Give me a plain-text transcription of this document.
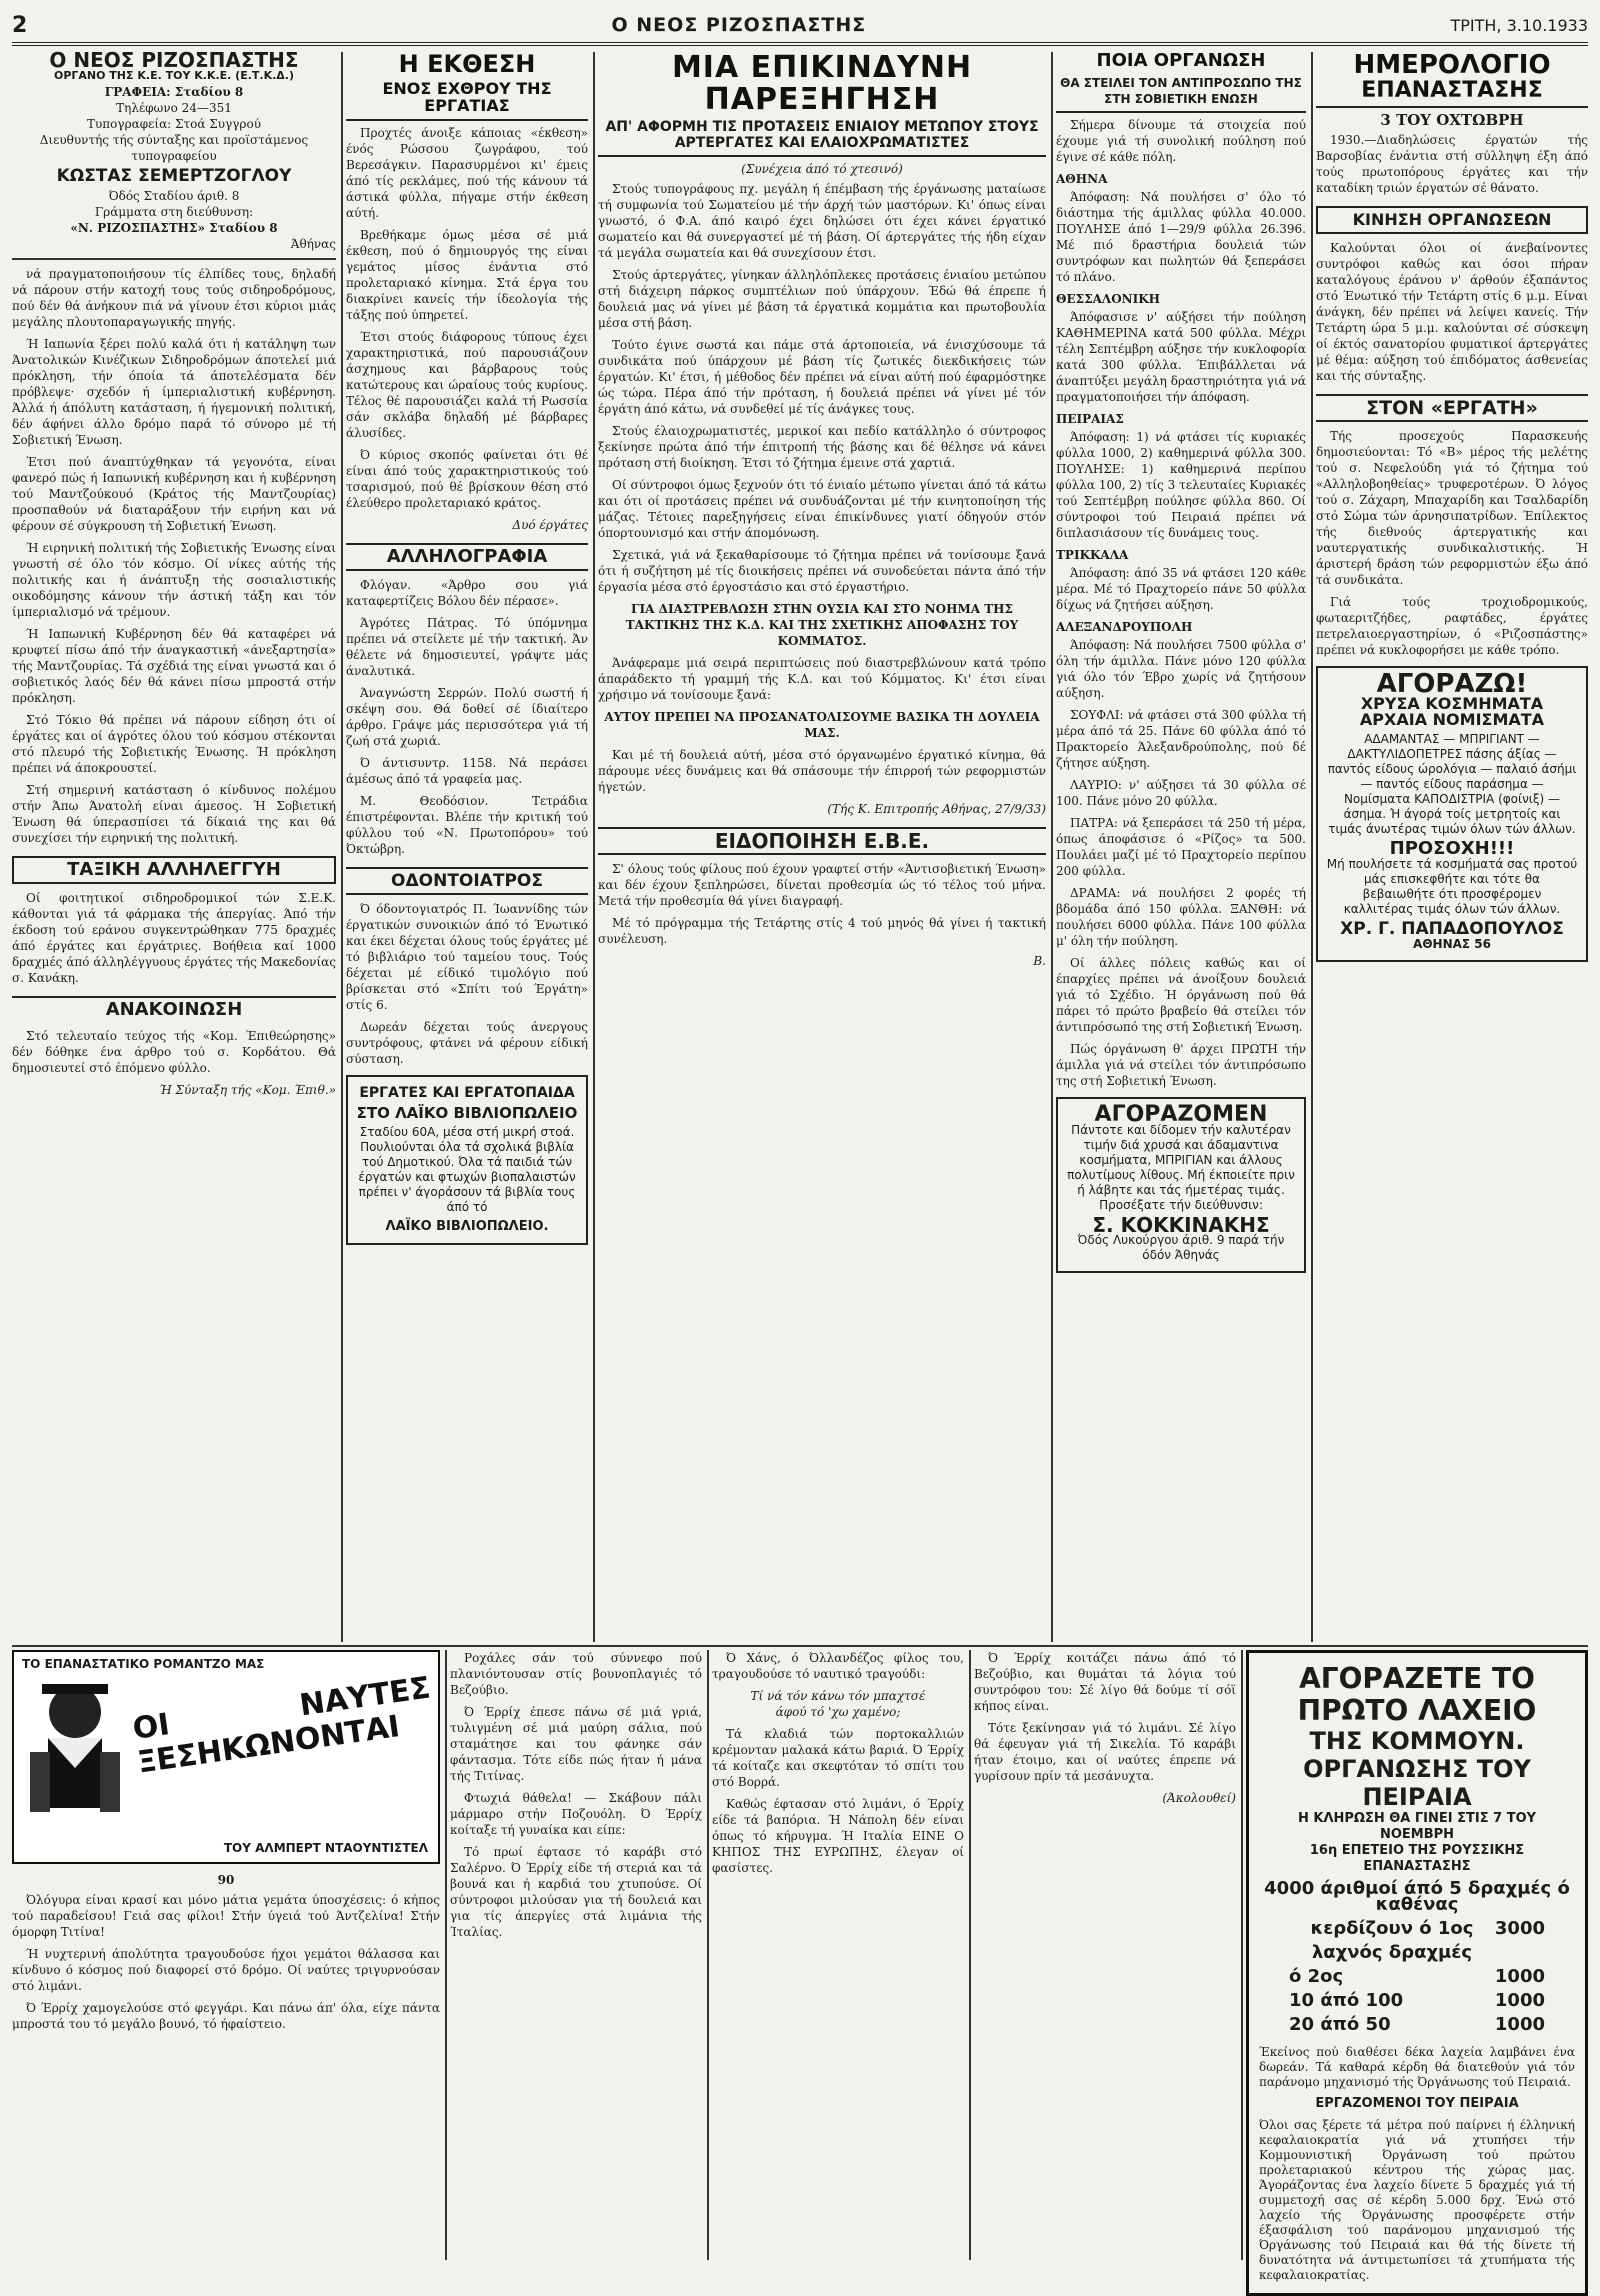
2	Ο ΝΕΟΣ ΡΙΖΟΣΠΑΣΤΗΣ	ΤΡΙΤΗ, 3.10.1933
Ο ΝΕΟΣ ΡΙΖΟΣΠΑΣΤΗΣ
ΟΡΓΑΝΟ ΤΗΣ Κ.Ε. ΤΟΥ Κ.Κ.Ε. (Ε.Τ.Κ.Δ.)
ΓΡΑΦΕΙΑ: Σταδίου 8
Τηλέφωνο 24—351
Τυπογραφεία: Στοά Συγγρού
Διευθυντής τής σύνταξης και προϊστάμενος τυπογραφείου
ΚΩΣΤΑΣ ΣΕΜΕΡΤΖΟΓΛΟΥ
Όδός Σταδίου άριθ. 8
Γράμματα στη διεύθυνση:
«Ν. ΡΙΖΟΣΠΑΣΤΗΣ» Σταδίου 8
Άθήνας

νά πραγματοποιήσουν τίς έλπίδες τους, δηλαδή νά πάρουν στήν κατοχή τους τούς σιδηροδρόμους, πού δέν θά άνήκουν πιά νά γίνουν έτσι κύριοι μιάς μεγάλης πλουτοπαραγωγικής πηγής.

Ή Ιαπωνία ξέρει πολύ καλά ότι ή κατάληψη των Άνατολικών Κινέζικων Σιδηροδρόμων άποτελεί μιά πρόκληση, τήν όποία τά άποτελέσματα δέν πρόβλεψε· σχεδόν ή ίμπεριαλιστική κυβέρνηση. Άλλά ή άπόλυτη κατάσταση, ή ήγεμονική πολιτική, δέν άφήνει άλλο δρόμο παρά τό σύνορο μέ τή Σοβιετική Ένωση.

Έτσι πού άναπτύχθηκαν τά γεγονότα, είναι φανερό πώς ή Ιαπωνική κυβέρνηση και ή κυβέρνηση τού Μαντζούκουό (Κράτος τής Μαντζουρίας) προσπαθούν νά διαταράξουν τήν ειρήνη και νά φέρουν σέ σύγκρουση τή Σοβιετική Ένωση.

Ή ειρηνική πολιτική τής Σοβιετικής Ένωσης είναι γνωστή σέ όλο τόν κόσμο. Οί νίκες αύτής τής πολιτικής και ή άνάπτυξη τής σοσιαλιστικής οικοδόμησης κάνουν τήν άστική τάξη και τόν ίμπεριαλισμό νά τρέμουν.

Ή Ιαπωνική Κυβέρνηση δέν θά καταφέρει νά κρυφτεί πίσω άπό τήν άναγκαστική «άνεξαρτησία» τής Μαντζουρίας. Τά σχέδιά της είναι γνωστά και ό σοβιετικός λαός δέν θά κάνει πίσω μπροστά στήν πρόκληση.

Στό Τόκιο θά πρέπει νά πάρουν είδηση ότι οί έργάτες και οί άγρότες όλου τού κόσμου στέκονται στό πλευρό τής Σοβιετικής Ένωσης. Ή πρόκληση πρέπει νά άποκρουστεί.

Στή σημερινή κατάσταση ό κίνδυνος πολέμου στήν Άπω Άνατολή είναι άμεσος. Ή Σοβιετική Ένωση θά ύπερασπίσει τά δίκαιά της και θά συνεχίσει τήν ειρηνική της πολιτική.

ΤΑΞΙΚΗ ΑΛΛΗΛΕΓΓΥΗ

Οί φοιτητικοί σιδηροδρομικοί τών Σ.Ε.Κ. κάθονται γιά τά φάρμακα τής άπεργίας. Άπό τήν έκδοση τού εράνου συγκεντρώθηκαν 775 δραχμές άπό έργάτες και έργάτριες. Βοήθεια καί 1000 δραχμές άπό άλληλέγγυους έργάτες τής Μακεδονίας σ. Κανάκη.

ΑΝΑΚΟΙΝΩΣΗ

Στό τελευταίο τεύχος τής «Κομ. Έπιθεώρησης» δέν δόθηκε ένα άρθρο τού σ. Κορδάτου. Θά δημοσιευτεί στό έπόμενο φύλλο.

Ή Σύνταξη τής «Κομ. Έπιθ.»
Η ΕΚΘΕΣΗ
ΕΝΟΣ ΕΧΘΡΟΥ ΤΗΣ ΕΡΓΑΤΙΑΣ

Προχτές άνοιξε κάποιας «έκθεση» ένός Ρώσσου ζωγράφου, τού Βερεσάγκιν. Παρασυρμένοι κι' έμεις άπό τίς ρεκλάμες, πού τής κάνουν τά άστικά φύλλα, πήγαμε στήν έκθεση αύτή.

Βρεθήκαμε όμως μέσα σέ μιά έκθεση, πού ό δημιουργός της είναι γεμάτος μίσος ένάντια στό προλεταριακό κίνημα. Στά έργα του διακρίνει κανείς τήν ίδεολογία τής τάξης πού ύπηρετεί.

Έτσι στούς διάφορους τύπους έχει χαρακτηριστικά, πού παρουσιάζουν άσχημους και βάρβαρους τούς κατώτερους και ώραίους τούς κυρίους. Τέλος θέ παρουσιάζει καλά τή Ρωσσία σάν σκλάβα δηλαδή μέ βάρβαρες άλυσίδες.

Ό κύριος σκοπός φαίνεται ότι θέ είναι άπό τούς χαρακτηριστικούς τού τσαρισμού, πού θέ βρίσκουν θέση στό έλεύθερο προλεταριακό κράτος.

Δυό έργάτες
ΑΛΛΗΛΟΓΡΑΦΙΑ

Φλόγαν. «Άρθρο σου γιά καταφερτίζεις Βόλου δέν πέρασε».

Άγρότες Πάτρας. Τό ύπόμνημα πρέπει νά στείλετε μέ τήν τακτική. Άν θέλετε νά δημοσιευτεί, γράψτε μάς άναλυτικά.

Άναγνώστη Σερρών. Πολύ σωστή ή σκέψη σου. Θά δοθεί σέ ίδιαίτερο άρθρο. Γράψε μάς περισσότερα γιά τή ζωή στά χωριά.

Ό άντισυντρ. 1158. Νά περάσει άμέσως άπό τά γραφεία μας.

Μ. Θεοδόσιον. Τετράδια έπιστρέφονται. Βλέπε τήν κριτική τού φύλλου τού «Ν. Πρωτοπόρου» τού Όκτώβρη.

ΟΔΟΝΤΟΙΑΤΡΟΣ

Ό όδοντογιατρός Π. Ίωαννίδης τών έργατικών συνοικιών άπό τό Ένωτικό και έκει δέχεται όλους τούς έργάτες μέ τό βιβλιάριο τού ταμείου τους. Τούς δέχεται μέ είδικό τιμολόγιο πού βρίσκεται στό «Σπίτι τού Έργάτη» στίς 6.

Δωρεάν δέχεται τούς άνεργους συντρόφους, φτάνει νά φέρουν είδική σύσταση.

ΕΡΓΑΤΕΣ ΚΑΙ ΕΡΓΑΤΟΠΑΙΔΑ
ΣΤΟ ΛΑΪΚΟ ΒΙΒΛΙΟΠΩΛΕΙΟ
Σταδίου 60Α, μέσα στή μικρή στοά. Πουλιούνται όλα τά σχολικά βιβλία τού Δημοτικού. Όλα τά παιδιά τών έργατών και φτωχών βιοπαλαιστών πρέπει ν' άγοράσουν τά βιβλία τους άπό τό
ΛΑΪΚΟ ΒΙΒΛΙΟΠΩΛΕΙΟ.
ΜΙΑ ΕΠΙΚΙΝΔΥΝΗ ΠΑΡΕΞΗΓΗΣΗ
ΑΠ' ΑΦΟΡΜΗ ΤΙΣ ΠΡΟΤΑΣΕΙΣ ΕΝΙΑΙΟΥ ΜΕΤΩΠΟΥ ΣΤΟΥΣ ΑΡΤΕΡΓΑΤΕΣ ΚΑΙ ΕΛΑΙΟΧΡΩΜΑΤΙΣΤΕΣ
(Συνέχεια άπό τό χτεσινό)

Στούς τυπογράφους πχ. μεγάλη ή έπέμβαση τής έργάνωσης ματαίωσε τή συμφωνία τού Σωματείου μέ τήν άρχή τών μαστόρων. Κι' όπως είναι γνωστό, ό Φ.Α. άπό καιρό έχει δηλώσει ότι έχει κάνει έργατικό σωματείο και θά συνεργαστεί μέ τή βάση. Οί άρτεργάτες τής ήδη είχαν τά μεγάλα σωματεία και θά συνεχίσουν έτσι.

Στούς άρτεργάτες, γίνηκαν άλληλόπλεκες προτάσεις ένιαίου μετώπου στή διάχειρη πάρκος συμπτέλιων πού ύπάρχουν. Έδώ θά έπρεπε ή δουλειά μας νά γίνει μέ βάση τά έργατικά κομμάτια και πρωτοβουλία μέσα στή βάση.

Τούτο έγινε σωστά και πάμε στά άρτοποιεία, νά ένισχύσουμε τά συνδικάτα πού ύπάρχουν μέ βάση τίς ζωτικές διεκδικήσεις τών έργατών. Κι' έτσι, ή μέθοδος δέν πρέπει νά είναι αύτή πού έφαρμόστηκε ώς τώρα. Πέρα άπό τήν πρόταση, ή δουλειά πρέπει νά γίνει μέ τόν έργάτη άπό κάτω, νά συνδεθεί μέ τίς άνάγκες τους.

Στούς έλαιοχρωματιστές, μερικοί και πεδίο κατάλληλο ό σύντροφος ξεκίνησε πρώτα άπό τήν έπιτροπή τής βάσης και δέ θέλησε νά κάνει πρόταση στή διοίκηση. Έτσι τό ζήτημα έμεινε στά χαρτιά.

Οί σύντροφοι όμως ξεχνούν ότι τό ένιαίο μέτωπο γίνεται άπό τά κάτω και ότι οί προτάσεις πρέπει νά συνδυάζονται μέ τήν κινητοποίηση τής μάζας. Τέτοιες παρεξηγήσεις είναι έπικίνδυνες γιατί όδηγούν στόν όπορτουνισμό και στήν άπομόνωση.

Σχετικά, γιά νά ξεκαθαρίσουμε τό ζήτημα πρέπει νά τονίσουμε ξανά ότι ή συζήτηση μέ τίς διοικήσεις πρέπει νά συνοδεύεται πάντα άπό τήν έργασία μέσα στό έργοστάσιο και στό έργαστήριο.

ΓΙΑ ΔΙΑΣΤΡΕΒΛΩΣΗ ΣΤΗΝ ΟΥΣΙΑ ΚΑΙ ΣΤΟ ΝΟΗΜΑ ΤΗΣ ΤΑΚΤΙΚΗΣ ΤΗΣ Κ.Δ. ΚΑΙ ΤΗΣ ΣΧΕΤΙΚΗΣ ΑΠΟΦΑΣΗΣ ΤΟΥ ΚΟΜΜΑΤΟΣ.

Άνάφεραμε μιά σειρά περιπτώσεις πού διαστρεβλώνουν κατά τρόπο άπαράδεκτο τή γραμμή τής Κ.Δ. και τού Κόμματος. Κι' έτσι είναι χρήσιμο νά τονίσουμε ξανά:

ΑΥΤΟΥ ΠΡΕΠΕΙ ΝΑ ΠΡΟΣΑΝΑΤΟΛΙΣΟΥΜΕ ΒΑΣΙΚΑ ΤΗ ΔΟΥΛΕΙΑ ΜΑΣ.

Και μέ τή δουλειά αύτή, μέσα στό όργανωμένο έργατικό κίνημα, θά πάρουμε νέες δυνάμεις και θά σπάσουμε τήν έπιρροή τών ρεφορμιστών ήγετών.

(Τής Κ. Επιτροπής Αθήνας, 27/9/33)
ΕΙΔΟΠΟΙΗΣΗ Ε.Β.Ε.

Σ' όλους τούς φίλους πού έχουν γραφτεί στήν «Άντισοβιετική Ένωση» και δέν έχουν ξεπληρώσει, δίνεται προθεσμία ώς τό τέλος τού μήνα. Μετά τήν προθεσμία θά γίνει διαγραφή.

Μέ τό πρόγραμμα τής Τετάρτης στίς 4 τού μηνός θά γίνει ή τακτική συνέλευση.

Β.
ΠΟΙΑ ΟΡΓΑΝΩΣΗ
ΘΑ ΣΤΕΙΛΕΙ ΤΟΝ ΑΝΤΙΠΡΟΣΩΠΟ ΤΗΣ ΣΤΗ ΣΟΒΙΕΤΙΚΗ ΕΝΩΣΗ

Σήμερα δίνουμε τά στοιχεία πού έχουμε γιά τή συνολική πούληση πού έγινε σέ κάθε πόλη.

ΑΘΗΝΑ

Άπόφαση: Νά πουλήσει σ' όλο τό διάστημα τής άμιλλας φύλλα 40.000. ΠΟΥΛΗΣΕ άπό 1—29/9 φύλλα 26.396. Μέ πιό δραστήρια δουλειά τών συντρόφων και πωλητών θά ξεπεράσει τό πλάνο.

ΘΕΣΣΑΛΟΝΙΚΗ

Άπόφασισε ν' αύξήσει τήν πούληση ΚΑΘΗΜΕΡΙΝΑ κατά 500 φύλλα. Μέχρι τέλη Σεπτέμβρη αύξησε τήν κυκλοφορία κατά 300 φύλλα. Έπιβάλλεται νά άναπτύξει μεγάλη δραστηριότητα γιά νά πραγματοποιήσει τήν άπόφαση.

ΠΕΙΡΑΙΑΣ

Άπόφαση: 1) νά φτάσει τίς κυριακές φύλλα 1000, 2) καθημερινά φύλλα 300. ΠΟΥΛΗΣΕ: 1) καθημερινά περίπου φύλλα 100, 2) τίς 3 τελευταίες Κυριακές τού Σεπτέμβρη πούλησε φύλλα 860. Οί σύντροφοι τού Πειραιά πρέπει νά διπλασιάσουν τίς δυνάμεις τους.

ΤΡΙΚΚΑΛΑ

Άπόφαση: άπό 35 νά φτάσει 120 κάθε μέρα. Μέ τό Πραχτορείο πάνε 50 φύλλα δίχως νά ζητήσει αύξηση.

ΑΛΕΞΑΝΔΡΟΥΠΟΛΗ

Άπόφαση: Νά πουλήσει 7500 φύλλα σ' όλη τήν άμιλλα. Πάνε μόνο 120 φύλλα γιά όλο τόν Έβρο χωρίς νά ζητήσουν αύξηση.

ΣΟΥΦΛΙ: νά φτάσει στά 300 φύλλα τή μέρα άπό τά 25. Πάνε 60 φύλλα άπό τό Πρακτορείο Άλεξανδρούπολης, πού δέ ζήτησε αύξηση.

ΛΑΥΡΙΟ: ν' αύξησει τά 30 φύλλα σέ 100. Πάνε μόνο 20 φύλλα.

ΠΑΤΡΑ: νά ξεπεράσει τά 250 τή μέρα, όπως άποφάσισε ό «Ρίζος» τα 500. Πουλάει μαζί μέ τό Πραχτορείο περίπου 200 φύλλα.

ΔΡΑΜΑ: νά πουλήσει 2 φορές τή βδομάδα άπό 150 φύλλα. ΞΑΝΘΗ: νά πουλήσει 6000 φύλλα. Πάνε 100 φύλλα μ' όλη τήν πούληση.

Οί άλλες πόλεις καθώς και οί έπαρχίες πρέπει νά άνοίξουν δουλειά γιά τό Σχέδιο. Ή όργάνωση πού θά πάρει τό πρώτο βραβείο θά στείλει τόν άντιπρόσωπό της στή Σοβιετική Ένωση.

Πώς όργάνωση θ' άρχει ΠΡΩΤΗ τήν άμιλλα γιά νά στείλει τόν άντιπρόσωπο της στή Σοβιετική Ένωση.

ΑΓΟΡΑΖΟΜΕΝ
Πάντοτε και δίδομεν τήν καλυτέραν τιμήν διά χρυσά και άδαμαντινα κοσμήματα, ΜΠΡΙΓΙΑΝ και άλλους πολυτίμους λίθους. Μή έκποιείτε πριν ή λάβητε και τάς ήμετέρας τιμάς. Προσέξατε τήν διεύθυνσιν:
Σ. ΚΟΚΚΙΝΑΚΗΣ
Όδός Λυκούργου άριθ. 9 παρά τήν όδόν Άθηνάς
ΗΜΕΡΟΛΟΓΙΟ
ΕΠΑΝΑΣΤΑΣΗΣ
3 ΤΟΥ ΟΧΤΩΒΡΗ

1930.—Διαδηλώσεις έργατών τής Βαρσοβίας ένάντια στή σύλληψη έξη άπό τούς πρωτοπόρους έργάτες και τήν καταδίκη τριών έργατών σέ θάνατο.

ΚΙΝΗΣΗ ΟΡΓΑΝΩΣΕΩΝ

Καλούνται όλοι οί άνεβαίνοντες συντρόφοι καθώς και όσοι πήραν καταλόγους έράνου ν' άρθούν έξαπάντος στό Ένωτικό τήν Τετάρτη στίς 6 μ.μ. Είναι άνάγκη, δέν πρέπει νά λείψει κανείς. Τήν Τετάρτη ώρα 5 μ.μ. καλούνται σέ σύσκεψη οί έκτός σανατορίου φυματικοί άρτεργάτες μέ θέμα: αύξηση τού έπιδόματος άσθενείας και τής σύνταξης.

ΣΤΟΝ «ΕΡΓΑΤΗ»

Τής προσεχούς Παρασκευής δημοσιεύονται: Τό «Β» μέρος τής μελέτης τού σ. Νεφελούδη γιά τό ζήτημα τού «Αλληλοβοηθείας» τρυφεροτέρων. Ό λόγος τού σ. Ζάχαρη, Μπαχαρίδη και Τσαλδαρίδη στό Σώμα τών άρνησιπατρίδων. Έπίλεκτος τής διεθνούς άρτεργατικής και ναυτεργατικής συνδικαλιστικής. Ή άριστερή δράση τών ρεφορμιστών έξω άπό τά συνδικάτα.

Γιά τούς τροχιοδρομικούς, φωταεριτζήδες, ραφτάδες, έργάτες πετρελαιοεργαστηρίων, ό «Ριζοσπάστης» πρέπει νά κυκλοφορήσει με κάθε τρόπο.

ΑΓΟΡΑΖΩ!
ΧΡΥΣΑ ΚΟΣΜΗΜΑΤΑ ΑΡΧΑΙΑ ΝΟΜΙΣΜΑΤΑ
ΑΔΑΜΑΝΤΑΣ — ΜΠΡΙΓΙΑΝΤ — ΔΑΚΤΥΛΙΔΟΠΕΤΡΕΣ πάσης άξίας — παντός είδους ώρολόγια — παλαιό άσήμι — παντός είδους παράσημα — Νομίσματα ΚΑΠΟΔΙΣΤΡΙΑ (φοίνιξ) — άσημα. Ή άγορά τοίς μετρητοίς και τιμάς άνωτέρας τιμών όλων τών άλλων.
ΠΡΟΣΟΧΗ!!!
Μή πουλήσετε τά κοσμήματά σας προτού μάς επισκεφθήτε και τότε θα βεβαιωθήτε ότι προσφέρομεν καλλιτέρας τιμάς όλων τών άλλων.
ΧΡ. Γ. ΠΑΠΑΔΟΠΟΥΛΟΣ
ΑΘΗΝΑΣ 56
ΤΟ ΕΠΑΝΑΣΤΑΤΙΚΟ ΡΟΜΑΝΤΖΟ ΜΑΣ
ΟΙ ΝΑΥΤΕΣ ΞΕΣΗΚΩΝΟΝΤΑΙ
ΤΟΥ ΑΛΜΠΕΡΤ ΝΤΑΟΥΝΤΙΣΤΕΛ
90

Όλόγυρα είναι κρασί και μόνο μάτια γεμάτα ύποσχέσεις: ό κήπος τού παραδείσου! Γειά σας φίλοι! Στήν ύγειά τού Άντζελίνα! Στήν όμορφη Τιτίνα!

Ή νυχτερινή άπολύτητα τραγουδούσε ήχοι γεμάτοι θάλασσα και κίνδυνο ό κόσμος πού διαφορεί στό δρόμο. Οί ναύτες τριγυρνούσαν στό λιμάνι.

Ό Έρρίχ χαμογελούσε στό φεγγάρι. Και πάνω άπ' όλα, είχε πάντα μπροστά του τό μεγάλο βουνό, τό ήφαίστειο.

Ροχάλες σάν τού σύννεφο πού πλανιόντουσαν στίς βουνοπλαγιές τό Βεζούβιο.

Ό Έρρίχ έπεσε πάνω σέ μιά γριά, τυλιγμένη σέ μιά μαύρη σάλια, πού σταμάτησε και του φάνηκε σάν φάντασμα. Τότε είδε πώς ήταν ή μάνα τής Τιτίνας.

Φτωχιά θάθελα! — Σκάβουν πάλι μάρμαρο στήν Ποζουόλη. Ό Έρρίχ κοίταξε τή γυναίκα και είπε:

Τό πρωί έφτασε τό καράβι στό Σαλέρνο. Ό Έρρίχ είδε τή στεριά και τά βουνά και ή καρδιά του χτυπούσε. Οί σύντροφοι μιλούσαν για τή δουλειά και για τίς άπεργίες στά λιμάνια τής Ίταλίας.

Ό Χάνς, ό Όλλανδέζος φίλος του, τραγουδούσε τό ναυτικό τραγούδι:

Τί νά τόν κάνω τόν μπαχτσέ
άφού τό 'χω χαμένο;

Τά κλαδιά τών πορτοκαλλιών κρέμονταν μαλακά κάτω βαριά. Ό Έρρίχ τά κοίταζε και σκεφτόταν τό σπίτι του στό Βορρά.

Καθώς έφτασαν στό λιμάνι, ό Έρρίχ είδε τά βαπόρια. Ή Νάπολη δέν είναι όπως τό κήρυγμα. Ή Ιταλία ΕΙΝΕ Ο ΚΗΠΟΣ ΤΗΣ ΕΥΡΩΠΗΣ, έλεγαν οί φασίστες.

Ό Έρρίχ κοιτάζει πάνω άπό τό Βεζούβιο, και θυμάται τά λόγια τού συντρόφου του: Σέ λίγο θά δούμε τί σόϊ κήπος είναι.

Τότε ξεκίνησαν γιά τό λιμάνι. Σέ λίγο θά έφευγαν γιά τή Σικελία. Τό καράβι ήταν έτοιμο, και οί ναύτες έπρεπε νά γυρίσουν πρίν τά μεσάνυχτα.

(Άκολουθεί)
ΑΓΟΡΑΖΕΤΕ ΤΟ ΠΡΩΤΟ ΛΑΧΕΙΟ
ΤΗΣ ΚΟΜΜΟΥΝ. ΟΡΓΑΝΩΣΗΣ ΤΟΥ ΠΕΙΡΑΙΑ
Η ΚΛΗΡΩΣΗ ΘΑ ΓΙΝΕΙ ΣΤΙΣ 7 ΤΟΥ ΝΟΕΜΒΡΗ
16η ΕΠΕΤΕΙΟ ΤΗΣ ΡΟΥΣΣΙΚΗΣ ΕΠΑΝΑΣΤΑΣΗΣ
4000 άριθμοί άπό 5 δραχμές ό καθένας
κερδίζουν ό 1ος λαχνός δραχμές
3000
ό 2ος	1000
10 άπό 100	1000
20 άπό 50	1000
Έκείνος πού διαθέσει δέκα λαχεία λαμβάνει ένα δωρεάν. Τά καθαρά κέρδη θά διατεθούν γιά τόν παράνομο μηχανισμό τής Όργάνωσης τού Πειραιά.
ΕΡΓΑΖΟΜΕΝΟΙ ΤΟΥ ΠΕΙΡΑΙΑ
Όλοι σας ξέρετε τά μέτρα πού παίρνει ή έλληνική κεφαλαιοκρατία γιά νά χτυπήσει τήν Κομμουνιστική Όργάνωση τού πρώτου προλεταριακού κέντρου τής χώρας μας. Άγοράζοντας ένα λαχείο δίνετε 5 δραχμές γιά τή συμμετοχή σας σέ κέρδη 5.000 δρχ. Ένώ στό λαχείο τής Όργάνωσης προσφέρετε στήν έξασφάλιση τού παράνομου μηχανισμού τής Όργάνωσης τού Πειραιά και θά τής δίνετε τή δυνατότητα νά άντιμετωπίσει τά χτυπήματα τής κεφαλαιοκρατίας.
